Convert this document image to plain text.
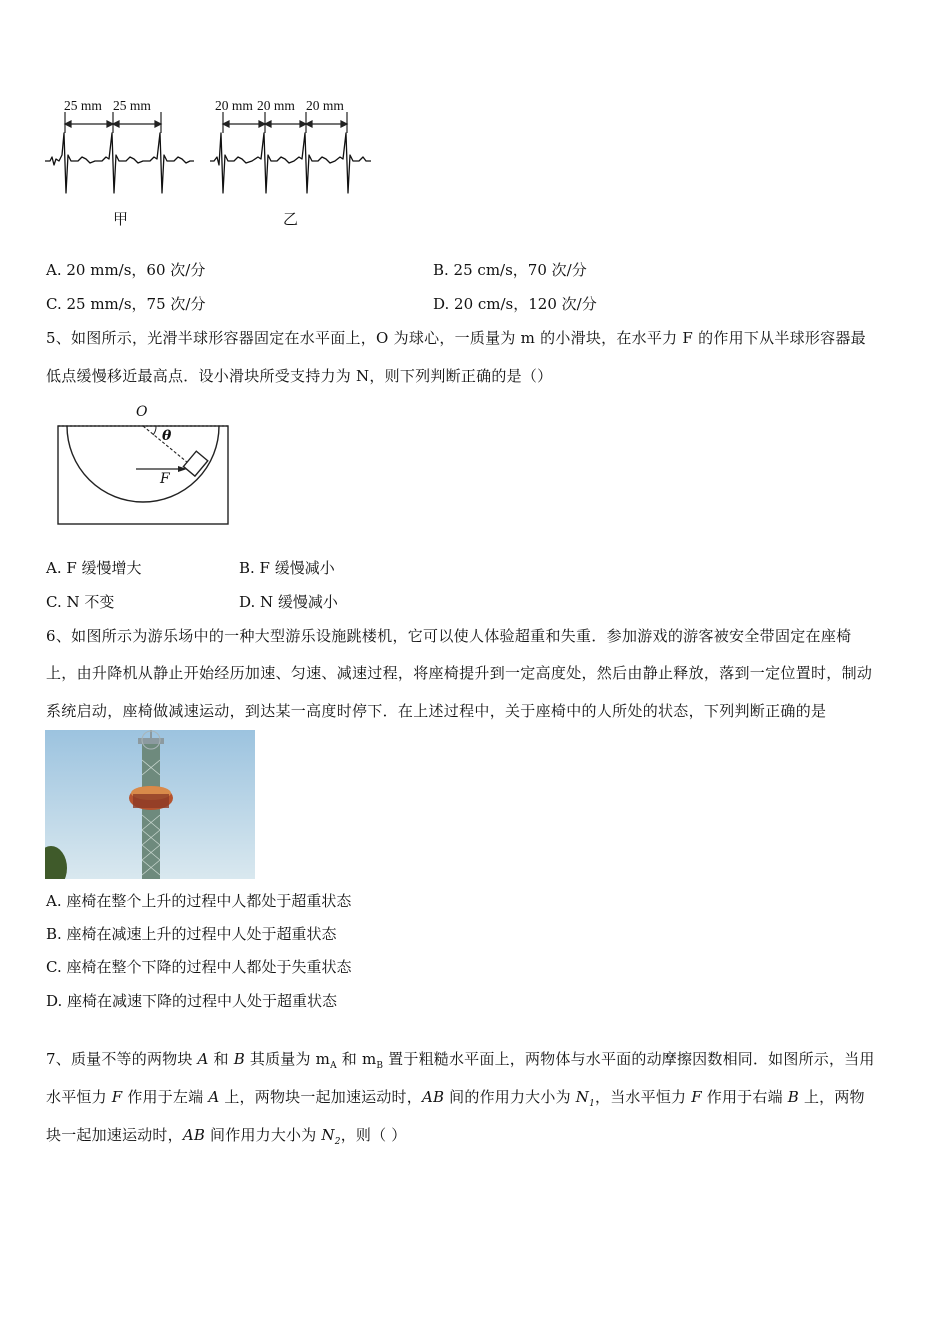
25 mm 25 mm	20 mm 20 mm 20 mm
甲	乙
A. 20 mm/s，60 次/分	B. 25 cm/s，70 次/分
C. 25 mm/s，75 次/分	D. 20 cm/s，120 次/分
5、如图所示，光滑半球形容器固定在水平面上，O 为球心，一质量为 m 的小滑块，在水平力 F 的作用下从半球形容器最
低点缓慢移近最高点．设小滑块所受支持力为 N，则下列判断正确的是（）
O
θ
F
A. F 缓慢增大	B. F 缓慢减小
C. N 不变	D. N 缓慢减小
6、如图所示为游乐场中的一种大型游乐设施跳楼机，它可以使人体验超重和失重．参加游戏的游客被安全带固定在座椅
上，由升降机从静止开始经历加速、匀速、减速过程，将座椅提升到一定高度处，然后由静止释放，落到一定位置时，制动
系统启动，座椅做减速运动，到达某一高度时停下．在上述过程中，关于座椅中的人所处的状态，下列判断正确的是
A. 座椅在整个上升的过程中人都处于超重状态
B. 座椅在减速上升的过程中人处于超重状态
C. 座椅在整个下降的过程中人都处于失重状态
D. 座椅在减速下降的过程中人处于超重状态
7、质量不等的两物块 A 和 B 其质量为 $m_A$ 和 $m_B$ 置于粗糙水平面上，两物体与水平面的动摩擦因数相同．如图所示，当用
水平恒力 F 作用于左端 A 上，两物块一起加速运动时，AB 间的作用力大小为 $N_1$，当水平恒力 F 作用于右端 B 上，两物
块一起加速运动时，AB 间作用力大小为 $N_2$，则（ ）
